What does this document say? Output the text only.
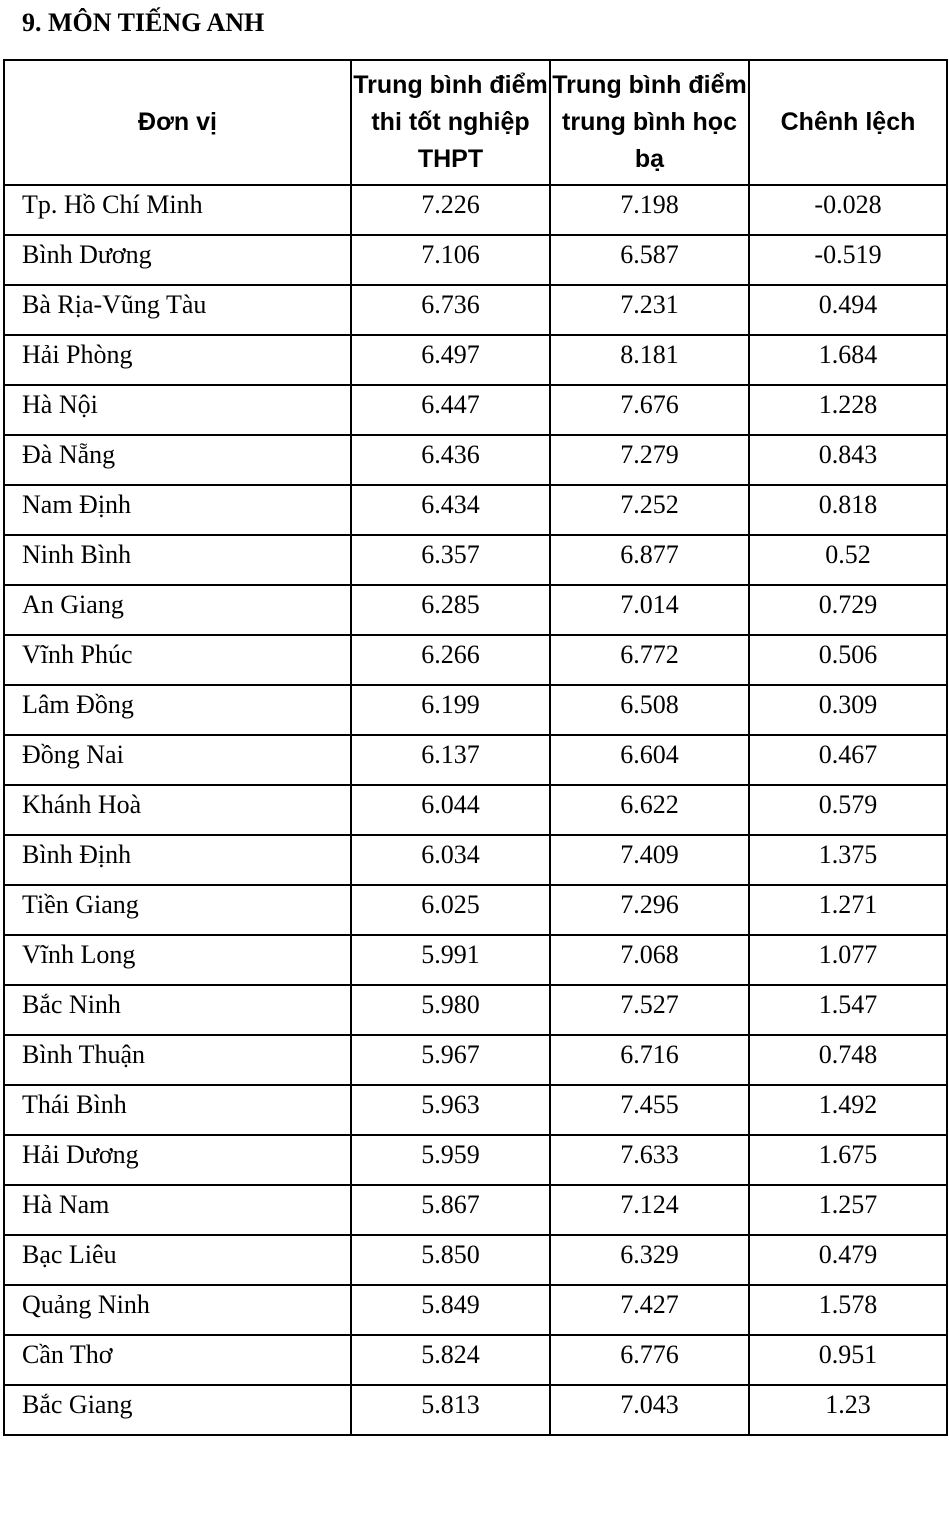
9. MÔN TIẾNG ANH
Đơn vị	Trung bình điểm thi tốt nghiệp THPT	Trung bình điểm trung bình học bạ	Chênh lệch
Tp. Hồ Chí Minh	7.226	7.198	-0.028
Bình Dương	7.106	6.587	-0.519
Bà Rịa-Vũng Tàu	6.736	7.231	0.494
Hải Phòng	6.497	8.181	1.684
Hà Nội	6.447	7.676	1.228
Đà Nẵng	6.436	7.279	0.843
Nam Định	6.434	7.252	0.818
Ninh Bình	6.357	6.877	0.52
An Giang	6.285	7.014	0.729
Vĩnh Phúc	6.266	6.772	0.506
Lâm Đồng	6.199	6.508	0.309
Đồng Nai	6.137	6.604	0.467
Khánh Hoà	6.044	6.622	0.579
Bình Định	6.034	7.409	1.375
Tiền Giang	6.025	7.296	1.271
Vĩnh Long	5.991	7.068	1.077
Bắc Ninh	5.980	7.527	1.547
Bình Thuận	5.967	6.716	0.748
Thái Bình	5.963	7.455	1.492
Hải Dương	5.959	7.633	1.675
Hà Nam	5.867	7.124	1.257
Bạc Liêu	5.850	6.329	0.479
Quảng Ninh	5.849	7.427	1.578
Cần Thơ	5.824	6.776	0.951
Bắc Giang	5.813	7.043	1.23
